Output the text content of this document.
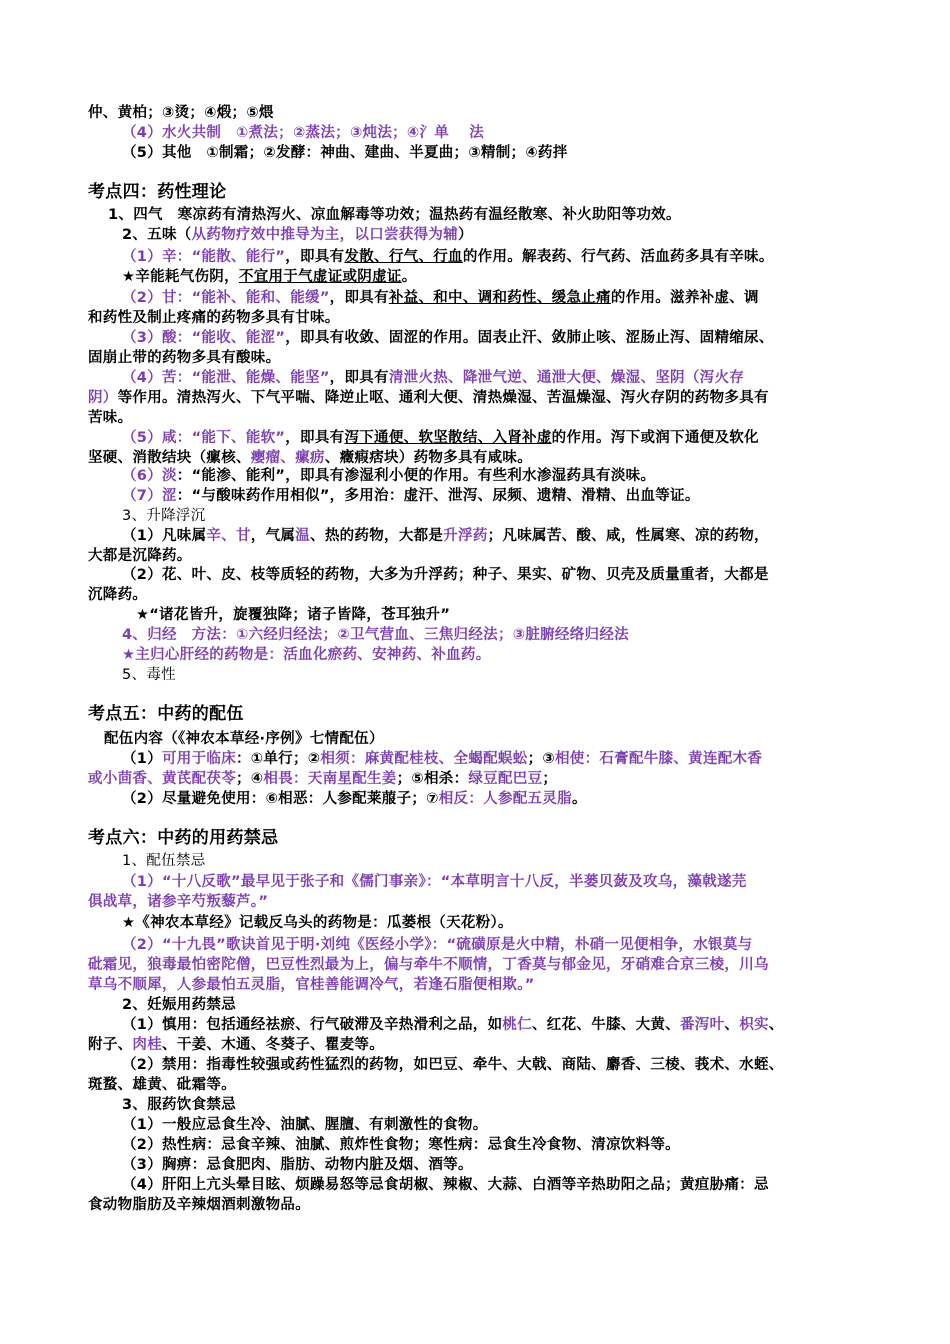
仲、黄柏；③烫；④煅；⑤煨
（4）水火共制　①煮法；②蒸法；③炖法；④氵单　 法
（5）其他　①制霜；②发酵：神曲、建曲、半夏曲；③精制；④药拌
考点四：药性理论
1、四气　寒凉药有清热泻火、凉血解毒等功效；温热药有温经散寒、补火助阳等功效。
2、五味（从药物疗效中推导为主，以口尝获得为辅）
（1）辛：“能散、能行”，即具有发散、行气、行血的作用。解表药、行气药、活血药多具有辛味。
★辛能耗气伤阴，不宜用于气虚证或阴虚证。
（2）甘：“能补、能和、能缓”，即具有补益、和中、调和药性、缓急止痛的作用。滋养补虚、调
和药性及制止疼痛的药物多具有甘味。
（3）酸：“能收、能涩”，即具有收敛、固涩的作用。固表止汗、敛肺止咳、涩肠止泻、固精缩尿、
固崩止带的药物多具有酸味。
（4）苦：“能泄、能燥、能坚”，即具有清泄火热、降泄气逆、通泄大便、燥湿、坚阴（泻火存
阴）等作用。清热泻火、下气平喘、降逆止呕、通利大便、清热燥湿、苦温燥湿、泻火存阴的药物多具有
苦味。
（5）咸：“能下、能软”，即具有泻下通便、软坚散结、入肾补虚的作用。泻下或润下通便及软化
坚硬、消散结块（瘰核、瘿瘤、瘰疬、癥瘕痞块）药物多具有咸味。
（6）淡：“能渗、能利”，即具有渗湿利小便的作用。有些利水渗湿药具有淡味。
（7）涩：“与酸味药作用相似”，多用治：虚汗、泄泻、尿频、遗精、滑精、出血等证。
3、升降浮沉
（1）凡味属辛、甘，气属温、热的药物，大都是升浮药；凡味属苦、酸、咸，性属寒、凉的药物，
大都是沉降药。
（2）花、叶、皮、枝等质轻的药物，大多为升浮药；种子、果实、矿物、贝壳及质量重者，大都是
沉降药。
★“诸花皆升，旋覆独降；诸子皆降，苍耳独升”
4、归经　方法：①六经归经法；②卫气营血、三焦归经法；③脏腑经络归经法
★主归心肝经的药物是：活血化瘀药、安神药、补血药。
5、毒性
考点五：中药的配伍
配伍内容（《神农本草经·序例》七情配伍）
（1）可用于临床：①单行；②相须：麻黄配桂枝、全蝎配蜈蚣；③相使：石膏配牛膝、黄连配木香
或小茴香、黄芪配茯苓；④相畏：天南星配生姜；⑤相杀：绿豆配巴豆；
（2）尽量避免使用：⑥相恶：人参配莱菔子；⑦相反：人参配五灵脂。
考点六：中药的用药禁忌
1、配伍禁忌
（1）“十八反歌”最早见于张子和《儒门事亲》：“本草明言十八反，半蒌贝蔹及攻乌，藻戟遂芫
俱战草，诸参辛芍叛藜芦。”
★《神农本草经》记载反乌头的药物是：瓜蒌根（天花粉）。
（2）“十九畏”歌诀首见于明·刘纯《医经小学》：“硫磺原是火中精，朴硝一见便相争，水银莫与
砒霜见，狼毒最怕密陀僧，巴豆性烈最为上，偏与牵牛不顺情，丁香莫与郁金见，牙硝难合京三棱，川乌
草乌不顺犀，人参最怕五灵脂，官桂善能调冷气，若逢石脂便相欺。”
2、妊娠用药禁忌
（1）慎用：包括通经祛瘀、行气破滞及辛热滑利之品，如桃仁、红花、牛膝、大黄、番泻叶、枳实、
附子、肉桂、干姜、木通、冬葵子、瞿麦等。
（2）禁用：指毒性较强或药性猛烈的药物，如巴豆、牵牛、大戟、商陆、麝香、三棱、莪术、水蛭、
斑蝥、雄黄、砒霜等。
3、服药饮食禁忌
（1）一般应忌食生冷、油腻、腥膻、有刺激性的食物。
（2）热性病：忌食辛辣、油腻、煎炸性食物；寒性病：忌食生冷食物、清凉饮料等。
（3）胸痹：忌食肥肉、脂肪、动物内脏及烟、酒等。
（4）肝阳上亢头晕目眩、烦躁易怒等忌食胡椒、辣椒、大蒜、白酒等辛热助阳之品；黄疸胁痛：忌
食动物脂肪及辛辣烟酒刺激物品。
